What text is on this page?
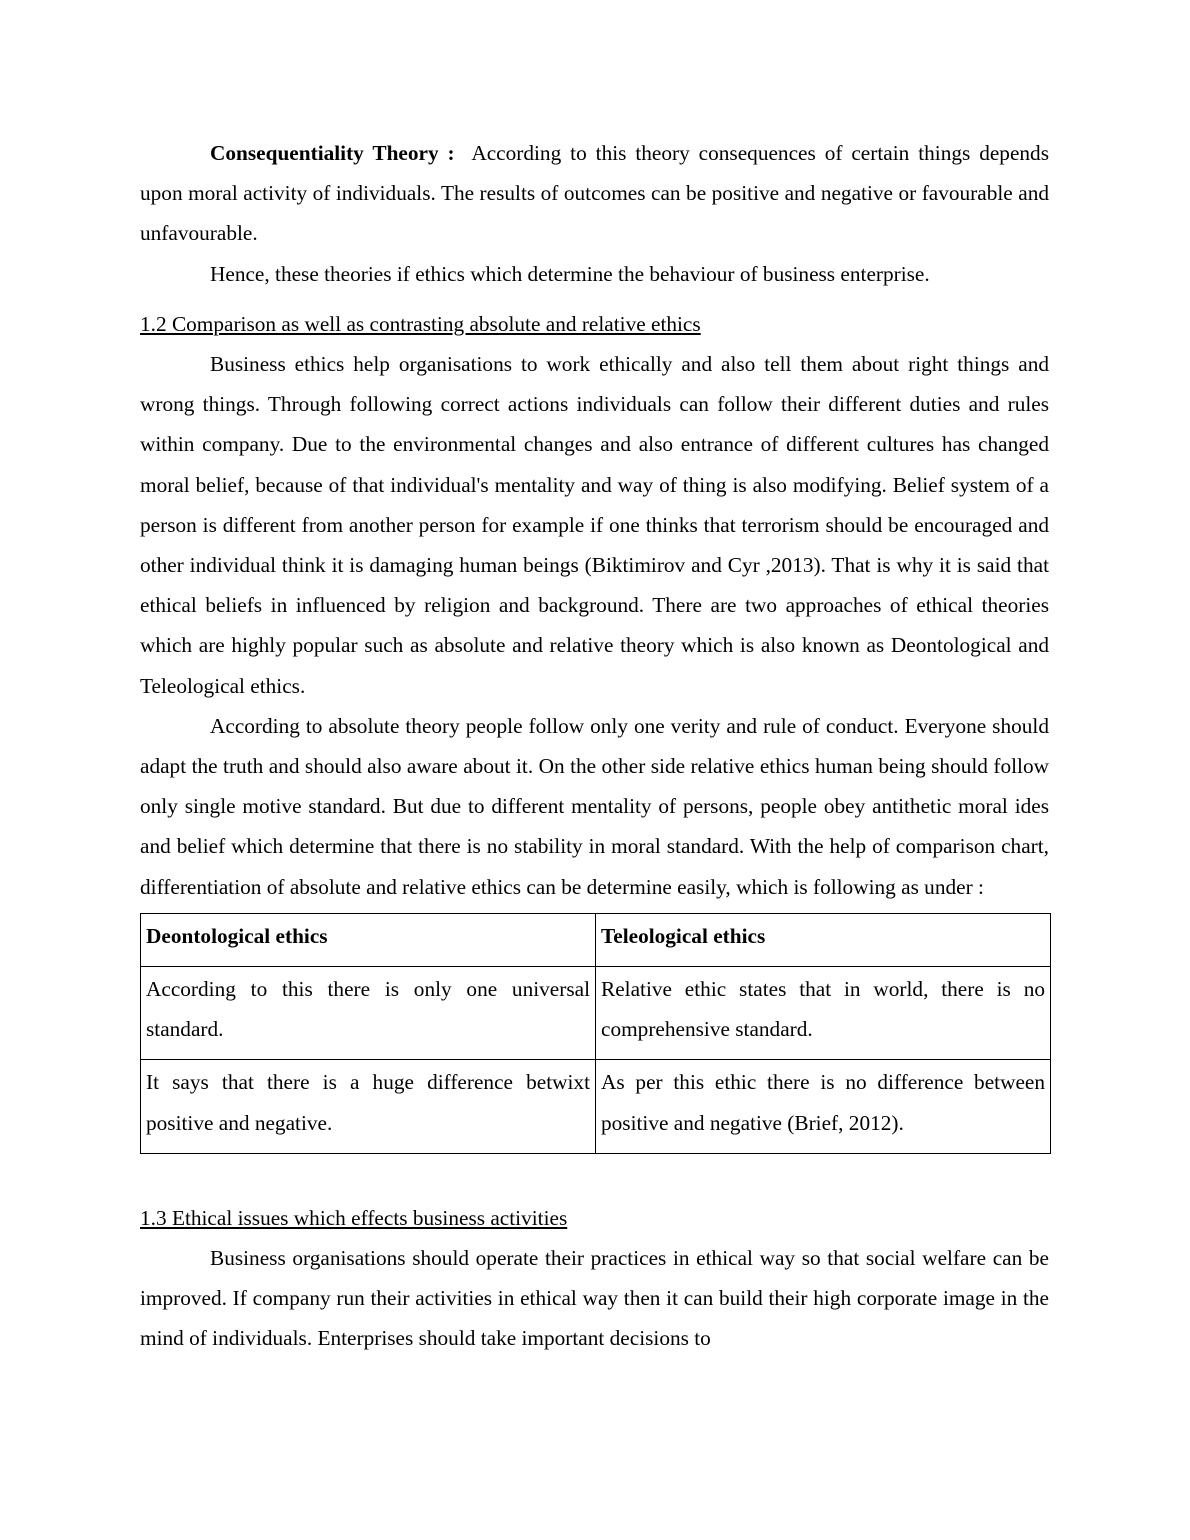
Consequentiality Theory : According to this theory consequences of certain things depends upon moral activity of individuals. The results of outcomes can be positive and negative or favourable and unfavourable.

Hence, these theories if ethics which determine the behaviour of business enterprise.

1.2 Comparison as well as contrasting absolute and relative ethics

Business ethics help organisations to work ethically and also tell them about right things and wrong things. Through following correct actions individuals can follow their different duties and rules within company. Due to the environmental changes and also entrance of different cultures has changed moral belief, because of that individual's mentality and way of thing is also modifying. Belief system of a person is different from another person for example if one thinks that terrorism should be encouraged and other individual think it is damaging human beings (Biktimirov and Cyr ,2013). That is why it is said that ethical beliefs in influenced by religion and background. There are two approaches of ethical theories which are highly popular such as absolute and relative theory which is also known as Deontological and Teleological ethics.

According to absolute theory people follow only one verity and rule of conduct. Everyone should adapt the truth and should also aware about it. On the other side relative ethics human being should follow only single motive standard. But due to different mentality of persons, people obey antithetic moral ides and belief which determine that there is no stability in moral standard. With the help of comparison chart, differentiation of absolute and relative ethics can be determine easily, which is following as under :

Deontological ethics	Teleological ethics
According to this there is only one universal standard.	Relative ethic states that in world, there is no comprehensive standard.
It says that there is a huge difference betwixt positive and negative.	As per this ethic there is no difference between positive and negative (Brief, 2012).

1.3 Ethical issues which effects business activities

Business organisations should operate their practices in ethical way so that social welfare can be improved. If company run their activities in ethical way then it can build their high corporate image in the mind of individuals. Enterprises should take important decisions to
